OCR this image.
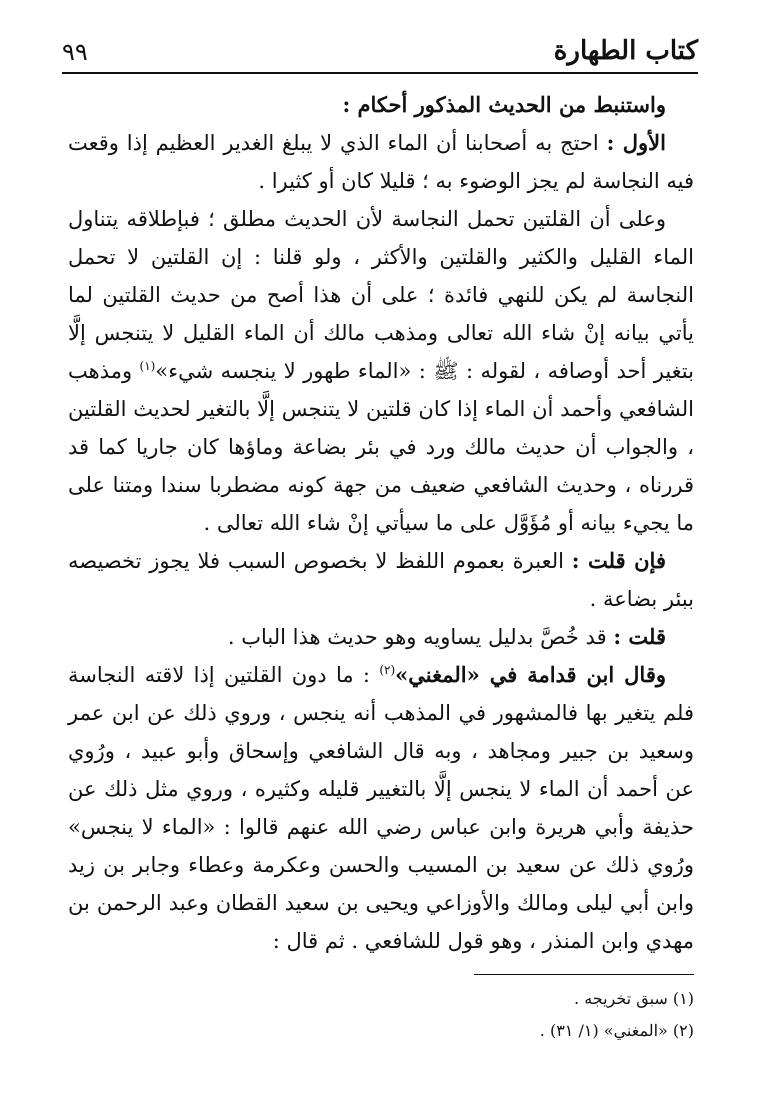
كتاب الطهارة
٩٩

واستنبط من الحديث المذكور أحكام :

الأول : احتج به أصحابنا أن الماء الذي لا يبلغ الغدير العظيم إذا وقعت فيه النجاسة لم يجز الوضوء به ؛ قليلا كان أو كثيرا .

وعلى أن القلتين تحمل النجاسة لأن الحديث مطلق ؛ فبإطلاقه يتناول الماء القليل والكثير والقلتين والأكثر ، ولو قلنا : إن القلتين لا تحمل النجاسة لم يكن للنهي فائدة ؛ على أن هذا أصح من حديث القلتين لما يأتي بيانه إنْ شاء الله تعالى ومذهب مالك أن الماء القليل لا يتنجس إلَّا بتغير أحد أوصافه ، لقوله : ﷺ : «الماء طهور لا ينجسه شيء»$^{(١)}$ ومذهب الشافعي وأحمد أن الماء إذا كان قلتين لا يتنجس إلَّا بالتغير لحديث القلتين ، والجواب أن حديث مالك ورد في بئر بضاعة وماؤها كان جاريا كما قد قررناه ، وحديث الشافعي ضعيف من جهة كونه مضطربا سندا ومتنا على ما يجيء بيانه أو مُؤَوَّل على ما سيأتي إنْ شاء الله تعالى .

فإن قلت : العبرة بعموم اللفظ لا بخصوص السبب فلا يجوز تخصيصه ببئر بضاعة .

قلت : قد خُصَّ بدليل يساويه وهو حديث هذا الباب .

وقال ابن قدامة في «المغني»$^{(٢)}$ : ما دون القلتين إذا لاقته النجاسة فلم يتغير بها فالمشهور في المذهب أنه ينجس ، وروي ذلك عن ابن عمر وسعيد بن جبير ومجاهد ، وبه قال الشافعي وإسحاق وأبو عبيد ، ورُوي عن أحمد أن الماء لا ينجس إلَّا بالتغيير قليله وكثيره ، وروي مثل ذلك عن حذيفة وأبي هريرة وابن عباس رضي الله عنهم قالوا : «الماء لا ينجس» ورُوي ذلك عن سعيد بن المسيب والحسن وعكرمة وعطاء وجابر بن زيد وابن أبي ليلى ومالك والأوزاعي ويحيى بن سعيد القطان وعبد الرحمن بن مهدي وابن المنذر ، وهو قول للشافعي . ثم قال :

(١) سبق تخريجه .
(٢) «المغني» (١/ ٣١) .
